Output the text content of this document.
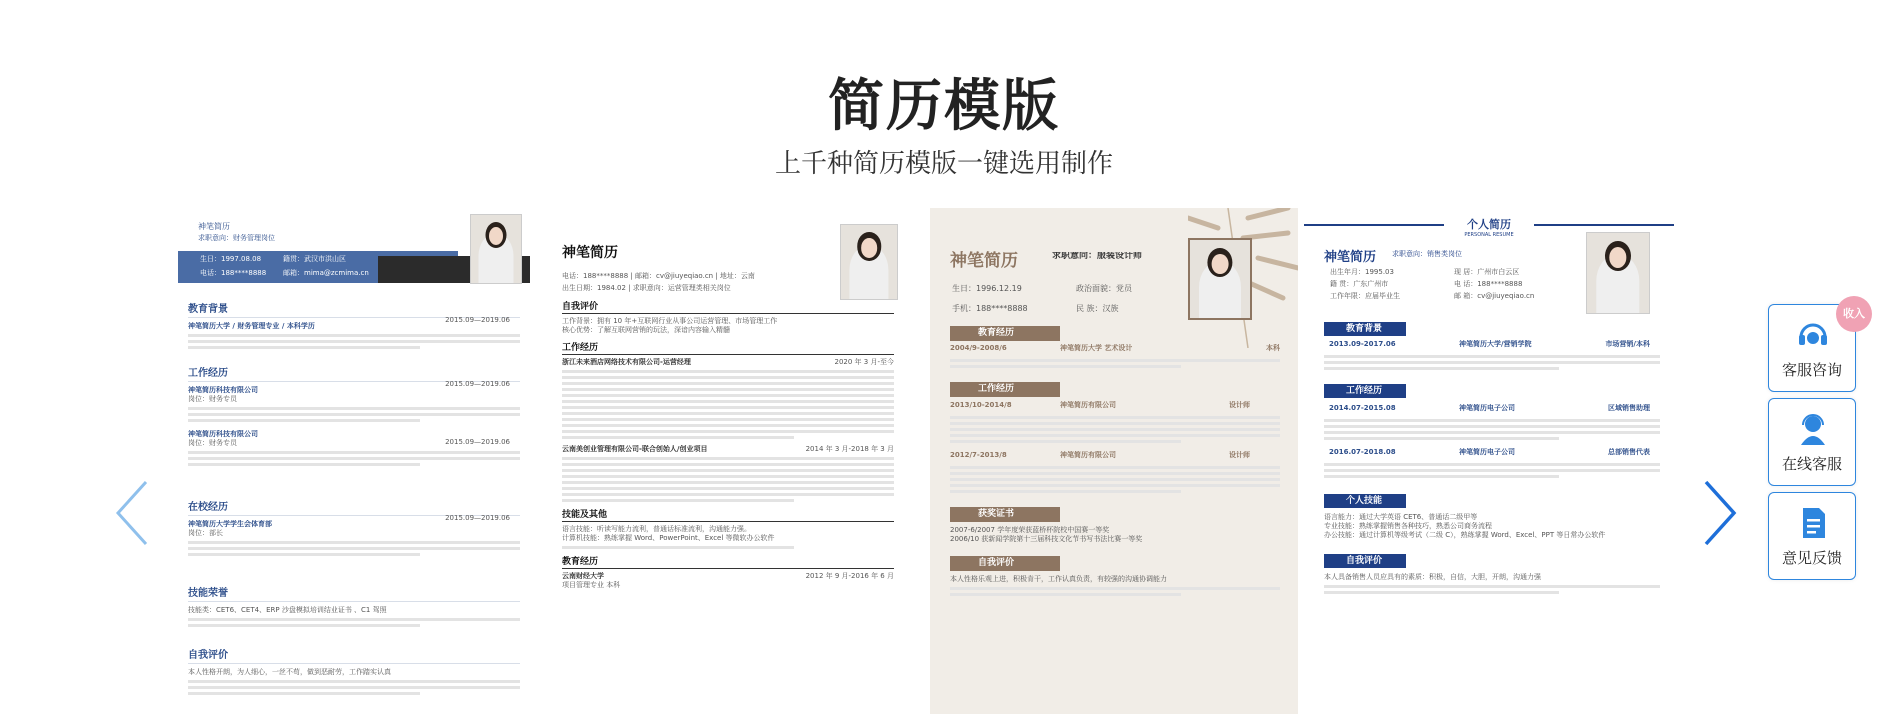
简历模版
上千种简历模版一键选用制作
神笔简历
求职意向：财务管理岗位
生日：1997.08.08	籍贯：武汉市洪山区
电话：188****8888 邮箱：mima@zcmima.cn
教育背景
神笔简历大学 / 财务管理专业 / 本科学历
2015.09—2019.06
工作经历
神笔简历科技有限公司
2015.09—2019.06
岗位：财务专员
神笔简历科技有限公司
2015.09—2019.06
岗位：财务专员
在校经历
神笔简历大学学生会体育部
2015.09—2019.06
岗位：部长
技能荣誉
技能类：CET6、CET4、ERP 沙盘模拟培训结业证书 、C1 驾照
自我评价
本人性格开朗，为人细心，一丝不苟，做到恶耐劳，工作踏实认真
神笔简历
电话：188****8888 | 邮箱：cv@jiuyeqiao.cn | 地址：云南
出生日期：1984.02 | 求职意向：运营管理类相关岗位
自我评价
工作背景：拥有 10 年+互联网行业从事公司运营管理、市场管理工作
核心优势：了解互联网营销的玩法，深谙内容输入精髓
工作经历
浙江未来酒店网络技术有限公司-运营经理	2020 年 3 月-至今
云南美创业管理有限公司-联合创始人/创业项目	2014 年 3 月-2018 年 3 月
技能及其他
语言技能：听读写能力流利，普通话标准流利，沟通能力强。
计算机技能：熟练掌握 Word、PowerPoint、Excel 等微软办公软件
教育经历
云南财经大学	2012 年 9 月-2016 年 6 月
项目管理专业 本科
神笔简历	求职意向：服装设计师
生日：1996.12.19	政治面貌：党员
手机：188****8888	民 族：汉族
教育经历
2004/9-2008/6	神笔简历大学 艺术设计	本科
工作经历
2013/10-2014/8	神笔简历有限公司	设计师
2012/7-2013/8	神笔简历有限公司	设计师
获奖证书
2007-6/2007 学年度荣获蓝桥杯院校中国赛一等奖
2006/10 获新闻学院第十三届科技文化节书写书法比赛一等奖
自我评价
本人性格乐观上进，积极肯干，工作认真负责，有较强的沟通协调能力
个人简历
PERSONAL RESUME
神笔简历 求职意向：销售类岗位
出生年月：1995.03	现 居：广州市白云区
籍 贯：广东广州市	电 话：188****8888
工作年限：应届毕业生	邮 箱：cv@jiuyeqiao.cn
教育背景
2013.09-2017.06	神笔简历大学/营销学院	市场营销/本科
工作经历
2014.07-2015.08	神笔简历电子公司	区域销售助理
2016.07-2018.08	神笔简历电子公司	总部销售代表
个人技能
语言能力：通过大学英语 CET6、普通话二级甲等
专业技能：熟练掌握销售各种技巧，熟悉公司商务流程
办公技能：通过计算机等级考试（二级 C），熟练掌握 Word、Excel、PPT 等日常办公软件
自我评价
本人具备销售人员应具有的素质：积极，自信，大胆，开朗，沟通力强
客服咨询
在线客服
意见反馈
收入
